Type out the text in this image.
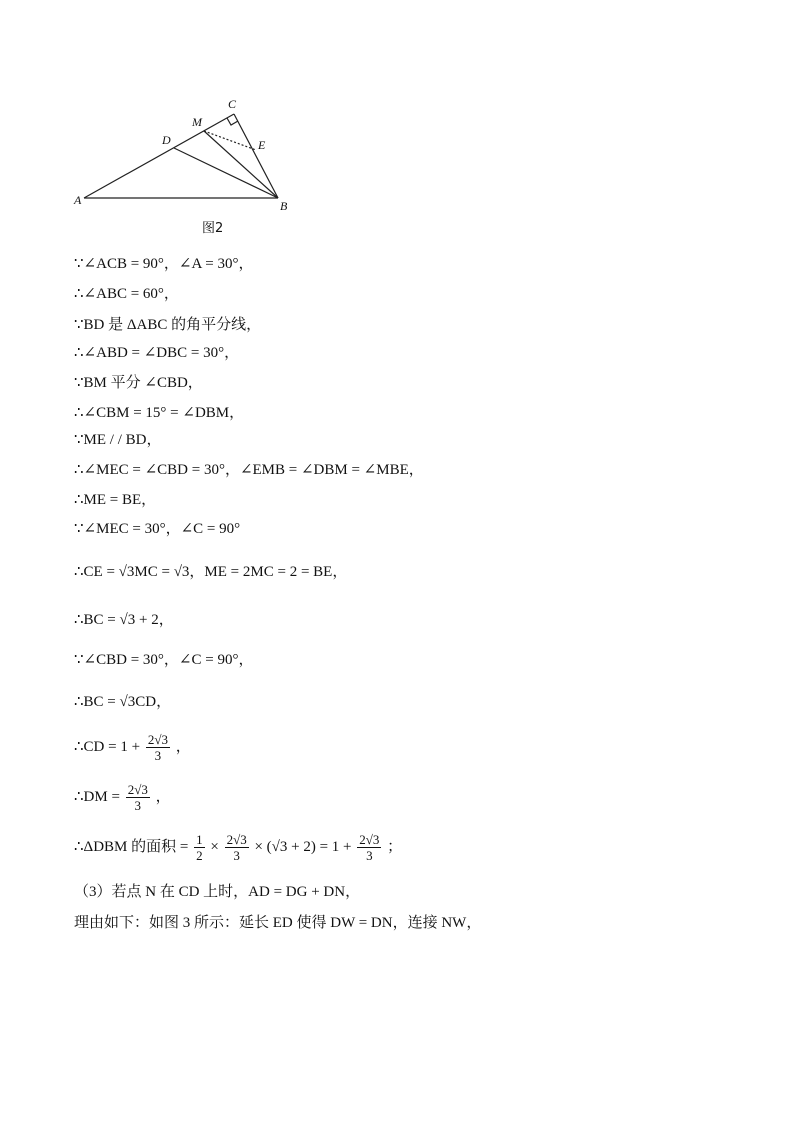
A	B
C
D
M
E
图2
∵∠ACB = 90°，∠A = 30°，
∴∠ABC = 60°，
∵BD 是 ΔABC 的角平分线，
∴∠ABD = ∠DBC = 30°，
∵BM 平分 ∠CBD，
∴∠CBM = 15° = ∠DBM，
∵ME / / BD，
∴∠MEC = ∠CBD = 30°，∠EMB = ∠DBM = ∠MBE，
∴ME = BE，
∵∠MEC = 30°，∠C = 90°
∴CE = √3MC = √3，ME = 2MC = 2 = BE，
∴BC = √3 + 2，
∵∠CBD = 30°，∠C = 90°，
∴BC = √3CD，
∴CD = $1 + \frac{2√3}{3}$ ，
∴DM = $\frac{2√3}{3}$ ，
∴ΔDBM 的面积 = $\frac{1}{2} \times \frac{2√3}{3} \times (√3 + 2) = 1 + \frac{2√3}{3}$ ；
（3）若点 N 在 CD 上时，AD = DG + DN，
理由如下：如图 3 所示：延长 ED 使得 DW = DN，连接 NW，
